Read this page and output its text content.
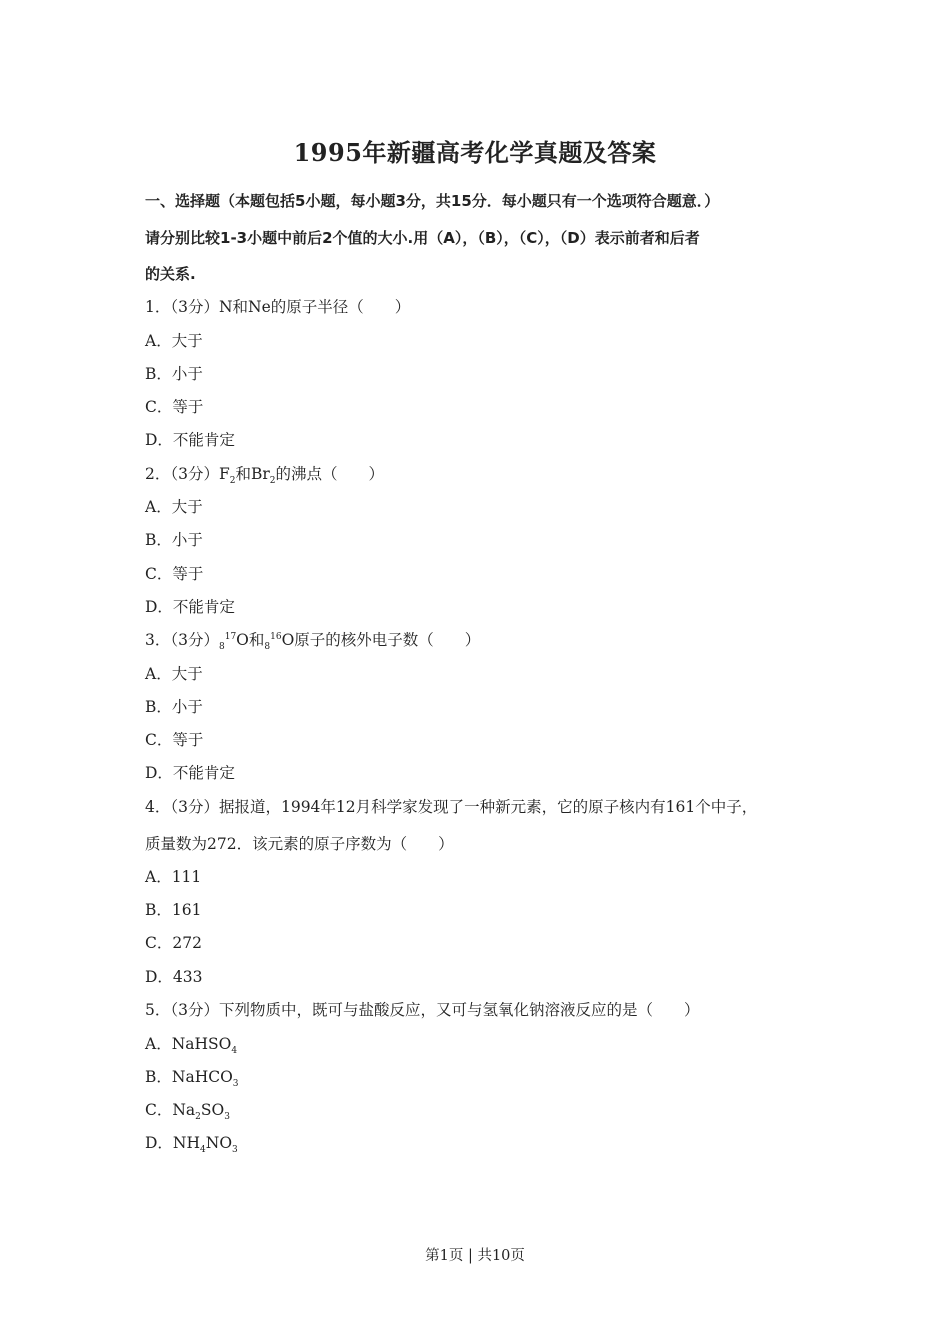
1995年新疆高考化学真题及答案
一、选择题（本题包括5小题，每小题3分，共15分．每小题只有一个选项符合题意．）
请分别比较1-3小题中前后2个值的大小.用（A），（B），（C），（D）表示前者和后者
的关系.
1．（3分）N和Ne的原子半径（　　）
A．大于
B．小于
C．等于
D．不能肯定
2．（3分）$F_2$和$Br_2$的沸点（　　）
A．大于
B．小于
C．等于
D．不能肯定
3．（3分）$_8^{17}O$和$_8^{16}$O原子的核外电子数（　　）
A．大于
B．小于
C．等于
D．不能肯定
4．（3分）据报道，1994年12月科学家发现了一种新元素，它的原子核内有161个中子，
质量数为272．该元素的原子序数为（　　）
A．111
B．161
C．272
D．433
5．（3分）下列物质中，既可与盐酸反应，又可与氢氧化钠溶液反应的是（　　）
A．NaHSO$_4$
B．NaHCO$_3$
C．$Na_2SO_3$
D．$NH_4NO_3$
第1页 | 共10页
